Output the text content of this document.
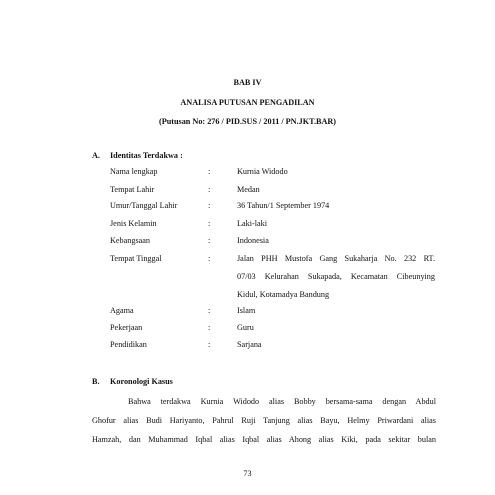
BAB IV
ANALISA PUTUSAN PENGADILAN
(Putusan No: 276 / PID.SUS / 2011 / PN.JKT.BAR)
A. Identitas Terdakwa :
Nama lengkap	:	Kurnia Widodo
Tempat Lahir	:	Medan
Umur/Tanggal Lahir	:	36 Tahun/1 September 1974
Jenis Kelamin	:	Laki-laki
Kebangsaan	:	Indonesia
Tempat Tinggal	:	Jalan PHH Mustofa Gang Sukaharja No. 232 RT.
07/03 Kelurahan Sukapada, Kecamatan Cibeunying
Kidul, Kotamadya Bandung
Agama	:	Islam
Pekerjaan	:	Guru
Pendidikan	:	Sarjana
B. Koronologi Kasus
Bahwa terdakwa Kurnia Widodo alias Bobby bersama-sama dengan Abdul
Ghofur alias Budi Hariyanto, Pahrul Ruji Tanjung alias Bayu, Helmy Priwardani alias
Hamzah, dan Muhammad Iqbal alias Iqbal alias Ahong alias Kiki, pada sekitar bulan
73
